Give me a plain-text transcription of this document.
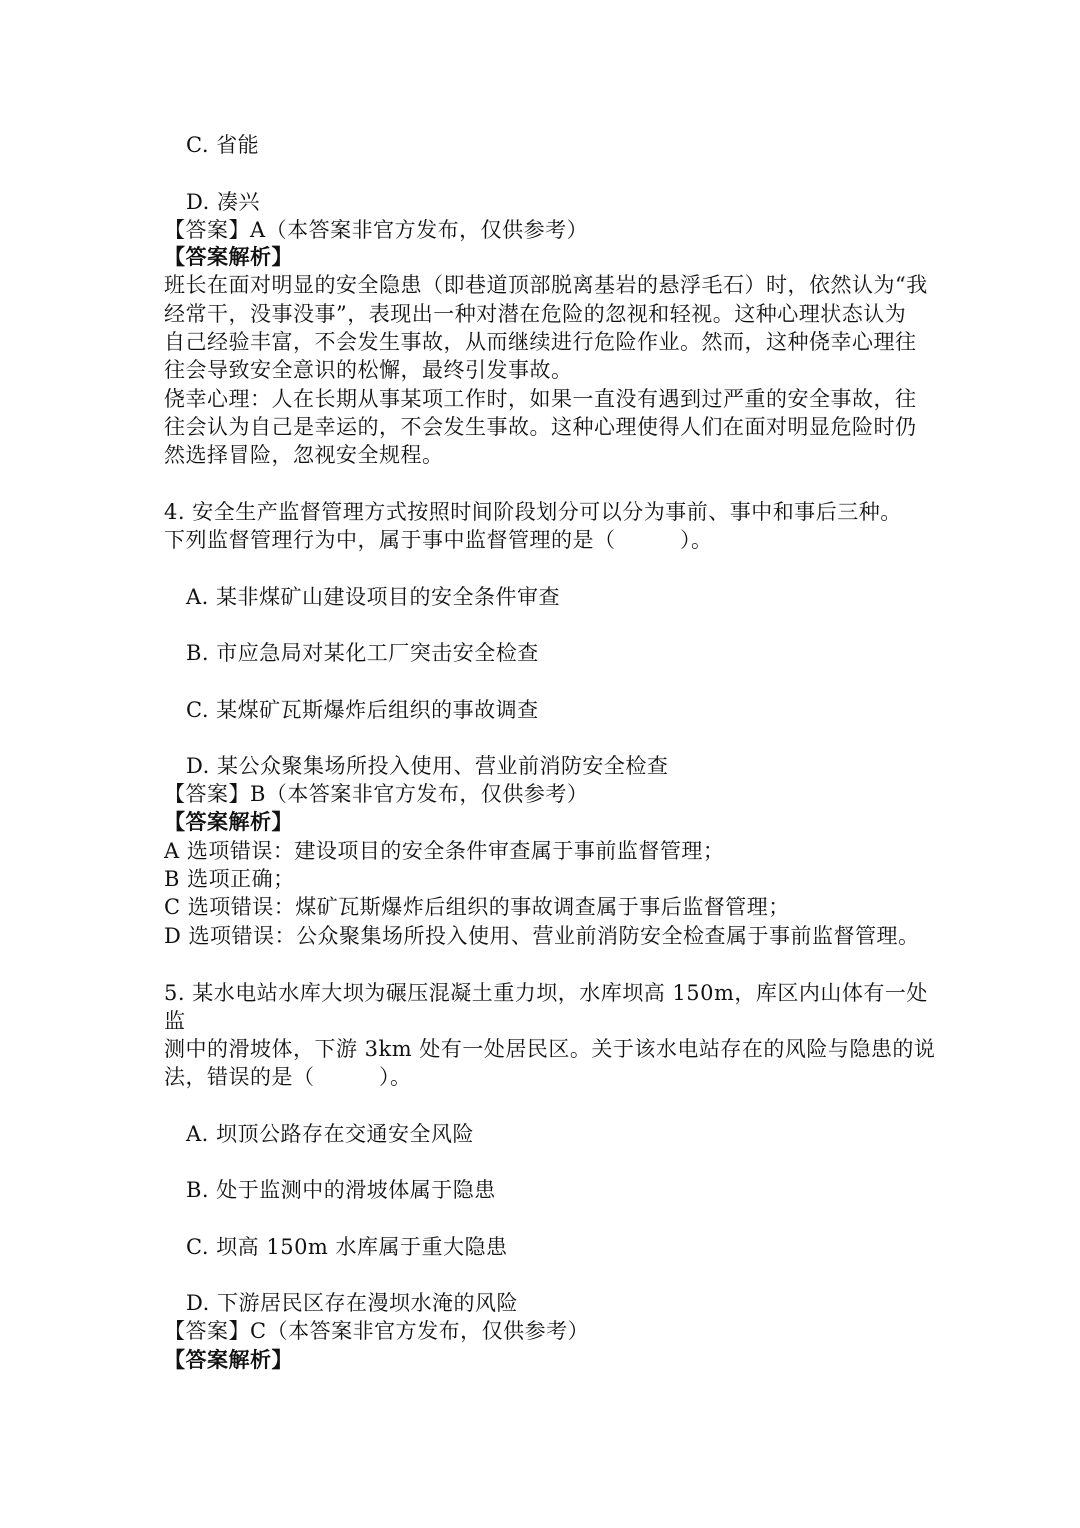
C. 省能
D. 凑兴
【答案】A（本答案非官方发布，仅供参考）
【答案解析】
班长在面对明显的安全隐患（即巷道顶部脱离基岩的悬浮毛石）时，依然认为“我
经常干，没事没事”，表现出一种对潜在危险的忽视和轻视。这种心理状态认为
自己经验丰富，不会发生事故，从而继续进行危险作业。然而，这种侥幸心理往
往会导致安全意识的松懈，最终引发事故。
侥幸心理：人在长期从事某项工作时，如果一直没有遇到过严重的安全事故，往
往会认为自己是幸运的，不会发生事故。这种心理使得人们在面对明显危险时仍
然选择冒险，忽视安全规程。
4. 安全生产监督管理方式按照时间阶段划分可以分为事前、事中和事后三种。
下列监督管理行为中，属于事中监督管理的是（　　　）。
A. 某非煤矿山建设项目的安全条件审查
B. 市应急局对某化工厂突击安全检查
C. 某煤矿瓦斯爆炸后组织的事故调查
D. 某公众聚集场所投入使用、营业前消防安全检查
【答案】B（本答案非官方发布，仅供参考）
【答案解析】
A 选项错误：建设项目的安全条件审查属于事前监督管理；
B 选项正确；
C 选项错误：煤矿瓦斯爆炸后组织的事故调查属于事后监督管理；
D 选项错误：公众聚集场所投入使用、营业前消防安全检查属于事前监督管理。
5. 某水电站水库大坝为碾压混凝土重力坝，水库坝高 150m，库区内山体有一处
监
测中的滑坡体，下游 3km 处有一处居民区。关于该水电站存在的风险与隐患的说
法，错误的是（　　　）。
A. 坝顶公路存在交通安全风险
B. 处于监测中的滑坡体属于隐患
C. 坝高 150m 水库属于重大隐患
D. 下游居民区存在漫坝水淹的风险
【答案】C（本答案非官方发布，仅供参考）
【答案解析】
